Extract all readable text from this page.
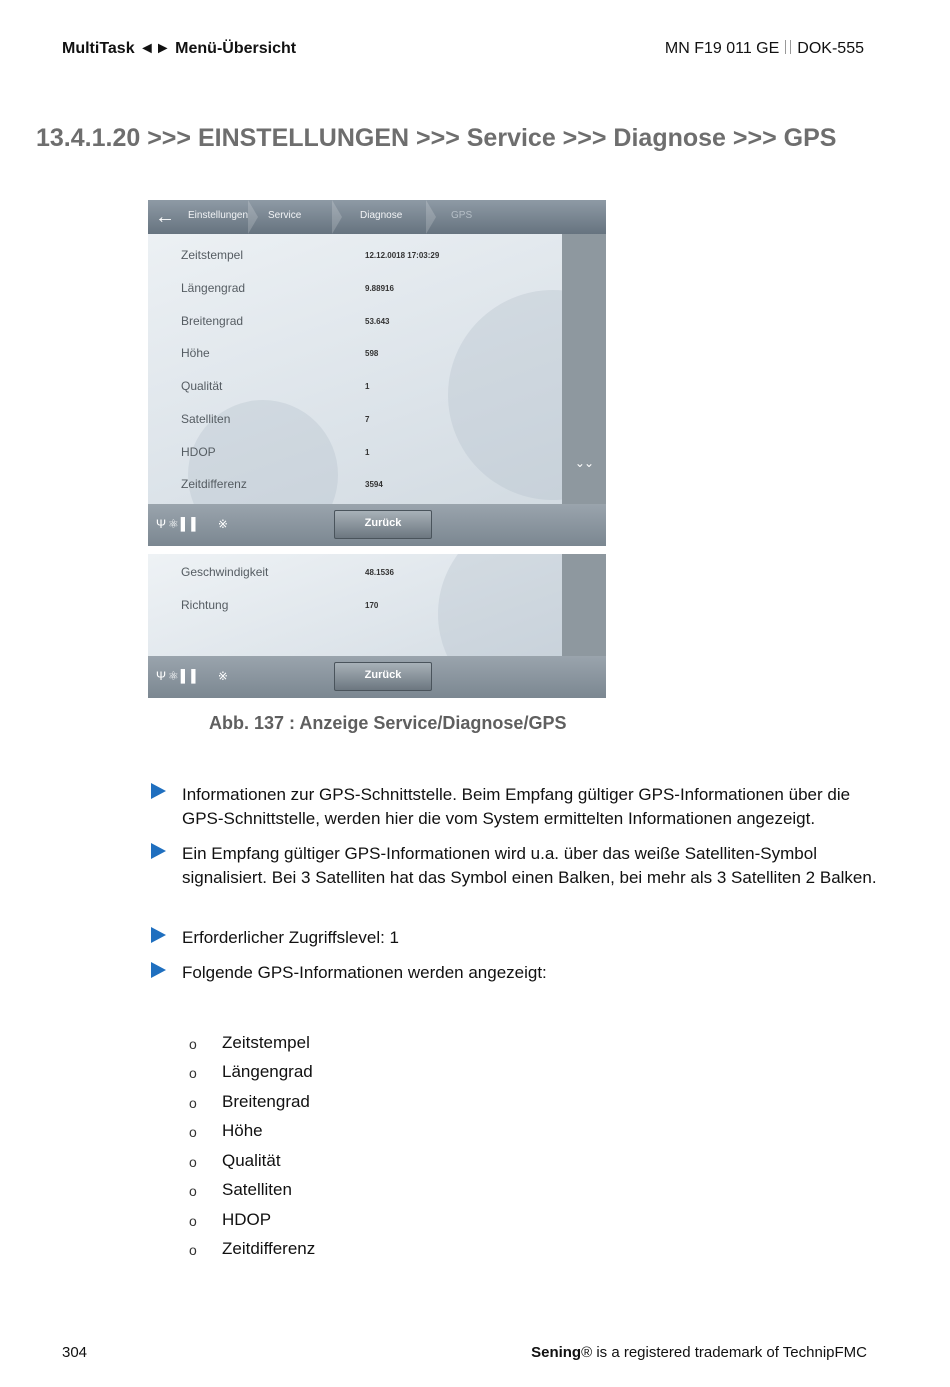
MultiTask ◄► Menü-Übersicht	MN F19 011 GE DOK-555
13.4.1.20 >>> EINSTELLUNGEN >>> Service >>> Diagnose >>> GPS
←	Einstellungen Service	Diagnose	GPS
⌄⌄
Zeitstempel	12.12.0018 17:03:29
Längengrad	9.88916
Breitengrad	53.643
Höhe	598
Qualität	1
Satelliten	7
HDOP	1
Zeitdifferenz	3594
Ψ⚛▌▌ ※	Zurück
Geschwindigkeit	48.1536
Richtung	170
Ψ⚛▌▌ ※	Zurück
Abb. 137 : Anzeige Service/Diagnose/GPS
Informationen zur GPS-Schnittstelle. Beim Empfang gültiger GPS-Informationen über die GPS-Schnittstelle, werden hier die vom System ermittelten Informationen angezeigt.
Ein Empfang gültiger GPS-Informationen wird u.a. über das weiße Satelliten-Symbol signalisiert. Bei 3 Satelliten hat das Symbol einen Balken, bei mehr als 3 Satelliten 2 Balken.
Erforderlicher Zugriffslevel: 1
Folgende GPS-Informationen werden angezeigt:
o Zeitstempel
o Längengrad
o Breitengrad
o Höhe
o Qualität
o Satelliten
o HDOP
o Zeitdifferenz
304	Sening® is a registered trademark of TechnipFMC
